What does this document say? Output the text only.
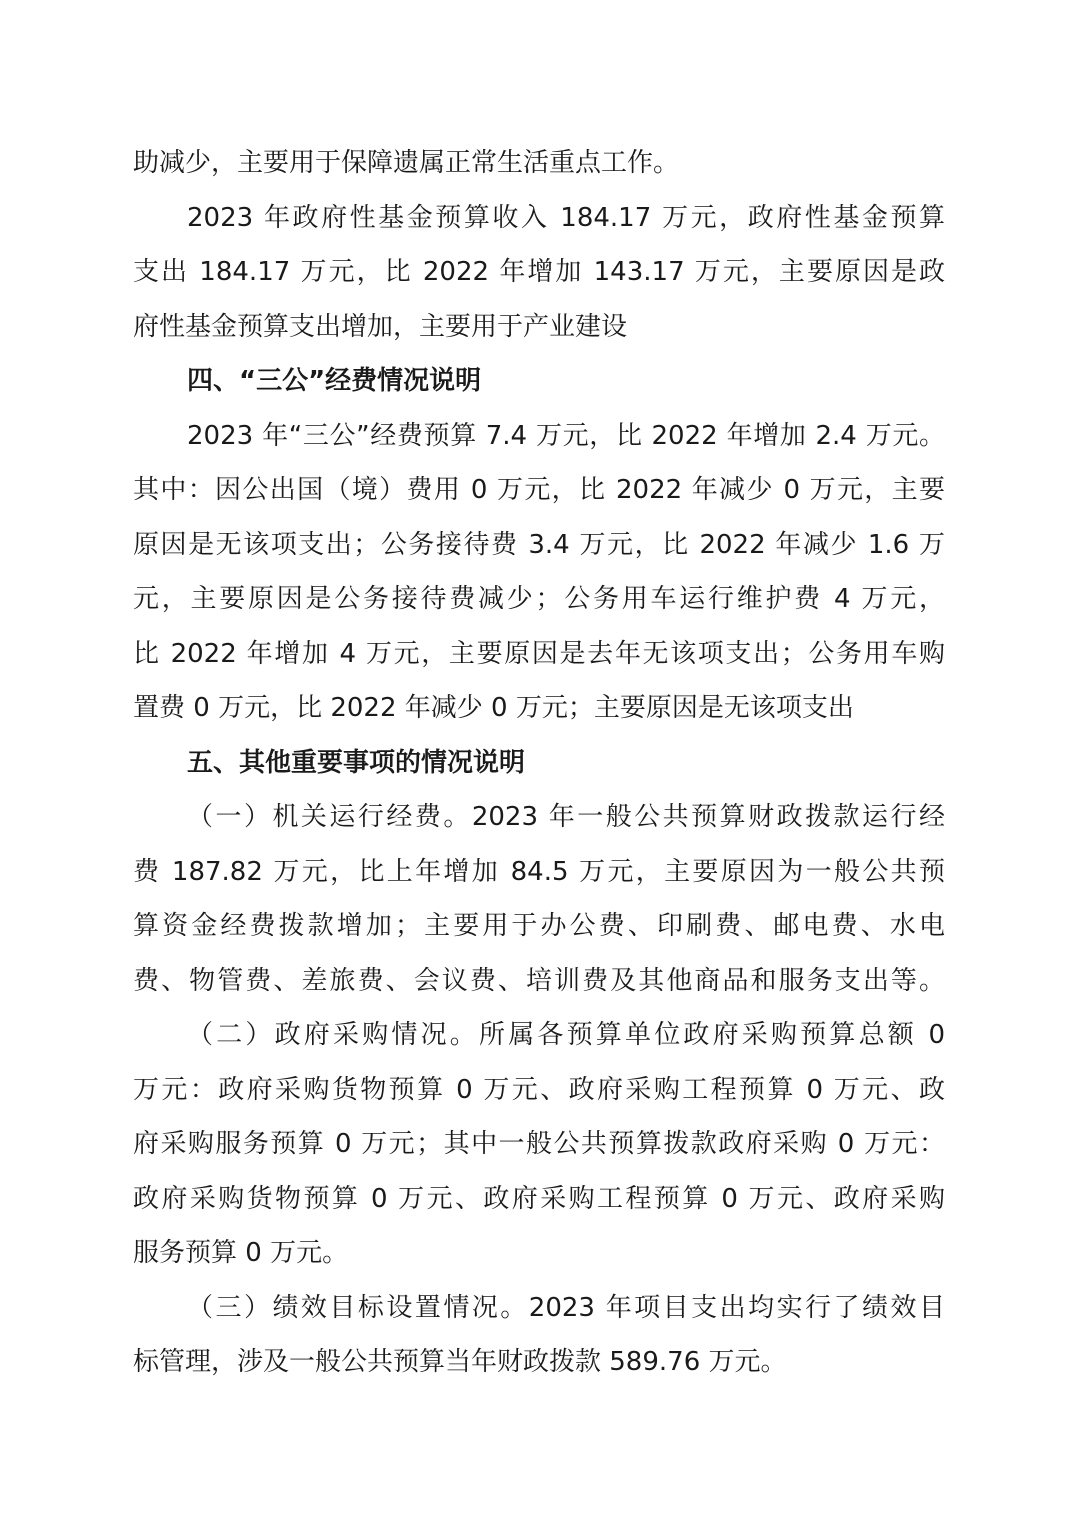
助减少，主要用于保障遗属正常生活重点工作。
2023 年政府性基金预算收入 184.17 万元，政府性基金预算
支出 184.17 万元，比 2022 年增加 143.17 万元，主要原因是政
府性基金预算支出增加，主要用于产业建设
四、“三公”经费情况说明
2023 年“三公”经费预算 7.4 万元，比 2022 年增加 2.4 万元。
其中：因公出国（境）费用 0 万元，比 2022 年减少 0 万元，主要
原因是无该项支出；公务接待费 3.4 万元，比 2022 年减少 1.6 万
元，主要原因是公务接待费减少；公务用车运行维护费 4 万元，
比 2022 年增加 4 万元，主要原因是去年无该项支出；公务用车购
置费 0 万元，比 2022 年减少 0 万元；主要原因是无该项支出
五、其他重要事项的情况说明
（一）机关运行经费。2023 年一般公共预算财政拨款运行经
费 187.82 万元，比上年增加 84.5 万元，主要原因为一般公共预
算资金经费拨款增加；主要用于办公费、印刷费、邮电费、水电
费、物管费、差旅费、会议费、培训费及其他商品和服务支出等。
（二）政府采购情况。所属各预算单位政府采购预算总额 0
万元：政府采购货物预算 0 万元、政府采购工程预算 0 万元、政
府采购服务预算 0 万元；其中一般公共预算拨款政府采购 0 万元：
政府采购货物预算 0 万元、政府采购工程预算 0 万元、政府采购
服务预算 0 万元。
（三）绩效目标设置情况。2023 年项目支出均实行了绩效目
标管理，涉及一般公共预算当年财政拨款 589.76 万元。
